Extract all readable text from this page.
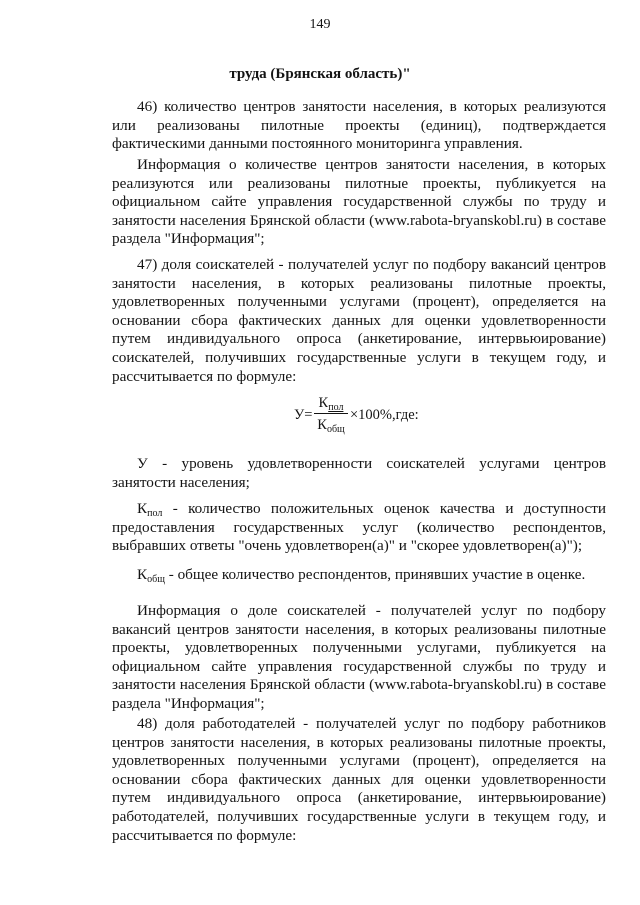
149
труда (Брянская область)"

46) количество центров занятости населения, в которых реализуются или реализованы пилотные проекты (единиц), подтверждается фактическими данными постоянного мониторинга управления.

Информация о количестве центров занятости населения, в которых реализуются или реализованы пилотные проекты, публикуется на официальном сайте управления государственной службы по труду и занятости населения Брянской области (www.rabota-bryanskobl.ru) в составе раздела "Информация";

47) доля соискателей - получателей услуг по подбору вакансий центров занятости населения, в которых реализованы пилотные проекты, удовлетворенных полученными услугами (процент), определяется на основании сбора фактических данных для оценки удовлетворенности путем индивидуального опроса (анкетирование, интервьюирование) соискателей, получивших государственные услуги в текущем году, и рассчитывается по формуле:

У=
$К_{пол}$
$К_{общ}$
×100%,где:

У - уровень удовлетворенности соискателей услугами центров занятости населения;

$К_{пол}$ - количество положительных оценок качества и доступности предоставления государственных услуг (количество респондентов, выбравших ответы "очень удовлетворен(а)" и "скорее удовлетворен(а)");

$К_{общ}$ - общее количество респондентов, принявших участие в оценке.

Информация о доле соискателей - получателей услуг по подбору вакансий центров занятости населения, в которых реализованы пилотные проекты, удовлетворенных полученными услугами, публикуется на официальном сайте управления государственной службы по труду и занятости населения Брянской области (www.rabota-bryanskobl.ru) в составе раздела "Информация";

48) доля работодателей - получателей услуг по подбору работников центров занятости населения, в которых реализованы пилотные проекты, удовлетворенных полученными услугами (процент), определяется на основании сбора фактических данных для оценки удовлетворенности путем индивидуального опроса (анкетирование, интервьюирование) работодателей, получивших государственные услуги в текущем году, и рассчитывается по формуле:
